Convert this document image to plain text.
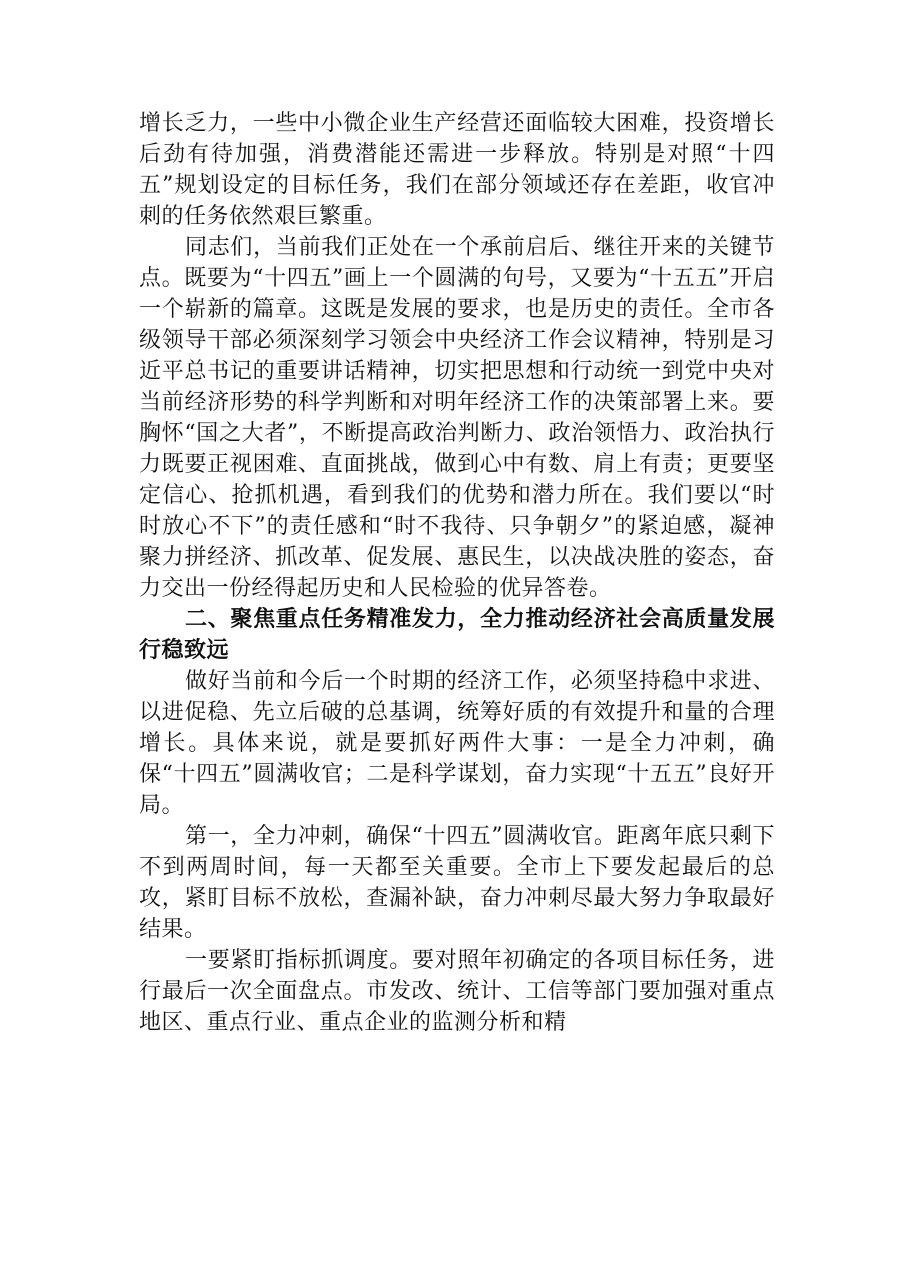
增长乏力，一些中小微企业生产经营还面临较大困难，投资增长后劲有待加强，消费潜能还需进一步释放。特别是对照“十四五”规划设定的目标任务，我们在部分领域还存在差距，收官冲刺的任务依然艰巨繁重。

同志们，当前我们正处在一个承前启后、继往开来的关键节点。既要为“十四五”画上一个圆满的句号，又要为“十五五”开启一个崭新的篇章。这既是发展的要求，也是历史的责任。全市各级领导干部必须深刻学习领会中央经济工作会议精神，特别是习近平总书记的重要讲话精神，切实把思想和行动统一到党中央对当前经济形势的科学判断和对明年经济工作的决策部署上来。要胸怀“国之大者”，不断提高政治判断力、政治领悟力、政治执行力既要正视困难、直面挑战，做到心中有数、肩上有责；更要坚定信心、抢抓机遇，看到我们的优势和潜力所在。我们要以“时时放心不下”的责任感和“时不我待、只争朝夕”的紧迫感，凝神聚力拼经济、抓改革、促发展、惠民生，以决战决胜的姿态，奋力交出一份经得起历史和人民检验的优异答卷。

二、聚焦重点任务精准发力，全力推动经济社会高质量发展行稳致远

做好当前和今后一个时期的经济工作，必须坚持稳中求进、以进促稳、先立后破的总基调，统筹好质的有效提升和量的合理增长。具体来说，就是要抓好两件大事：一是全力冲刺，确保“十四五”圆满收官；二是科学谋划，奋力实现“十五五”良好开局。

第一，全力冲刺，确保“十四五”圆满收官。距离年底只剩下不到两周时间，每一天都至关重要。全市上下要发起最后的总攻，紧盯目标不放松，查漏补缺，奋力冲刺尽最大努力争取最好结果。

一要紧盯指标抓调度。要对照年初确定的各项目标任务，进行最后一次全面盘点。市发改、统计、工信等部门要加强对重点地区、重点行业、重点企业的监测分析和精
